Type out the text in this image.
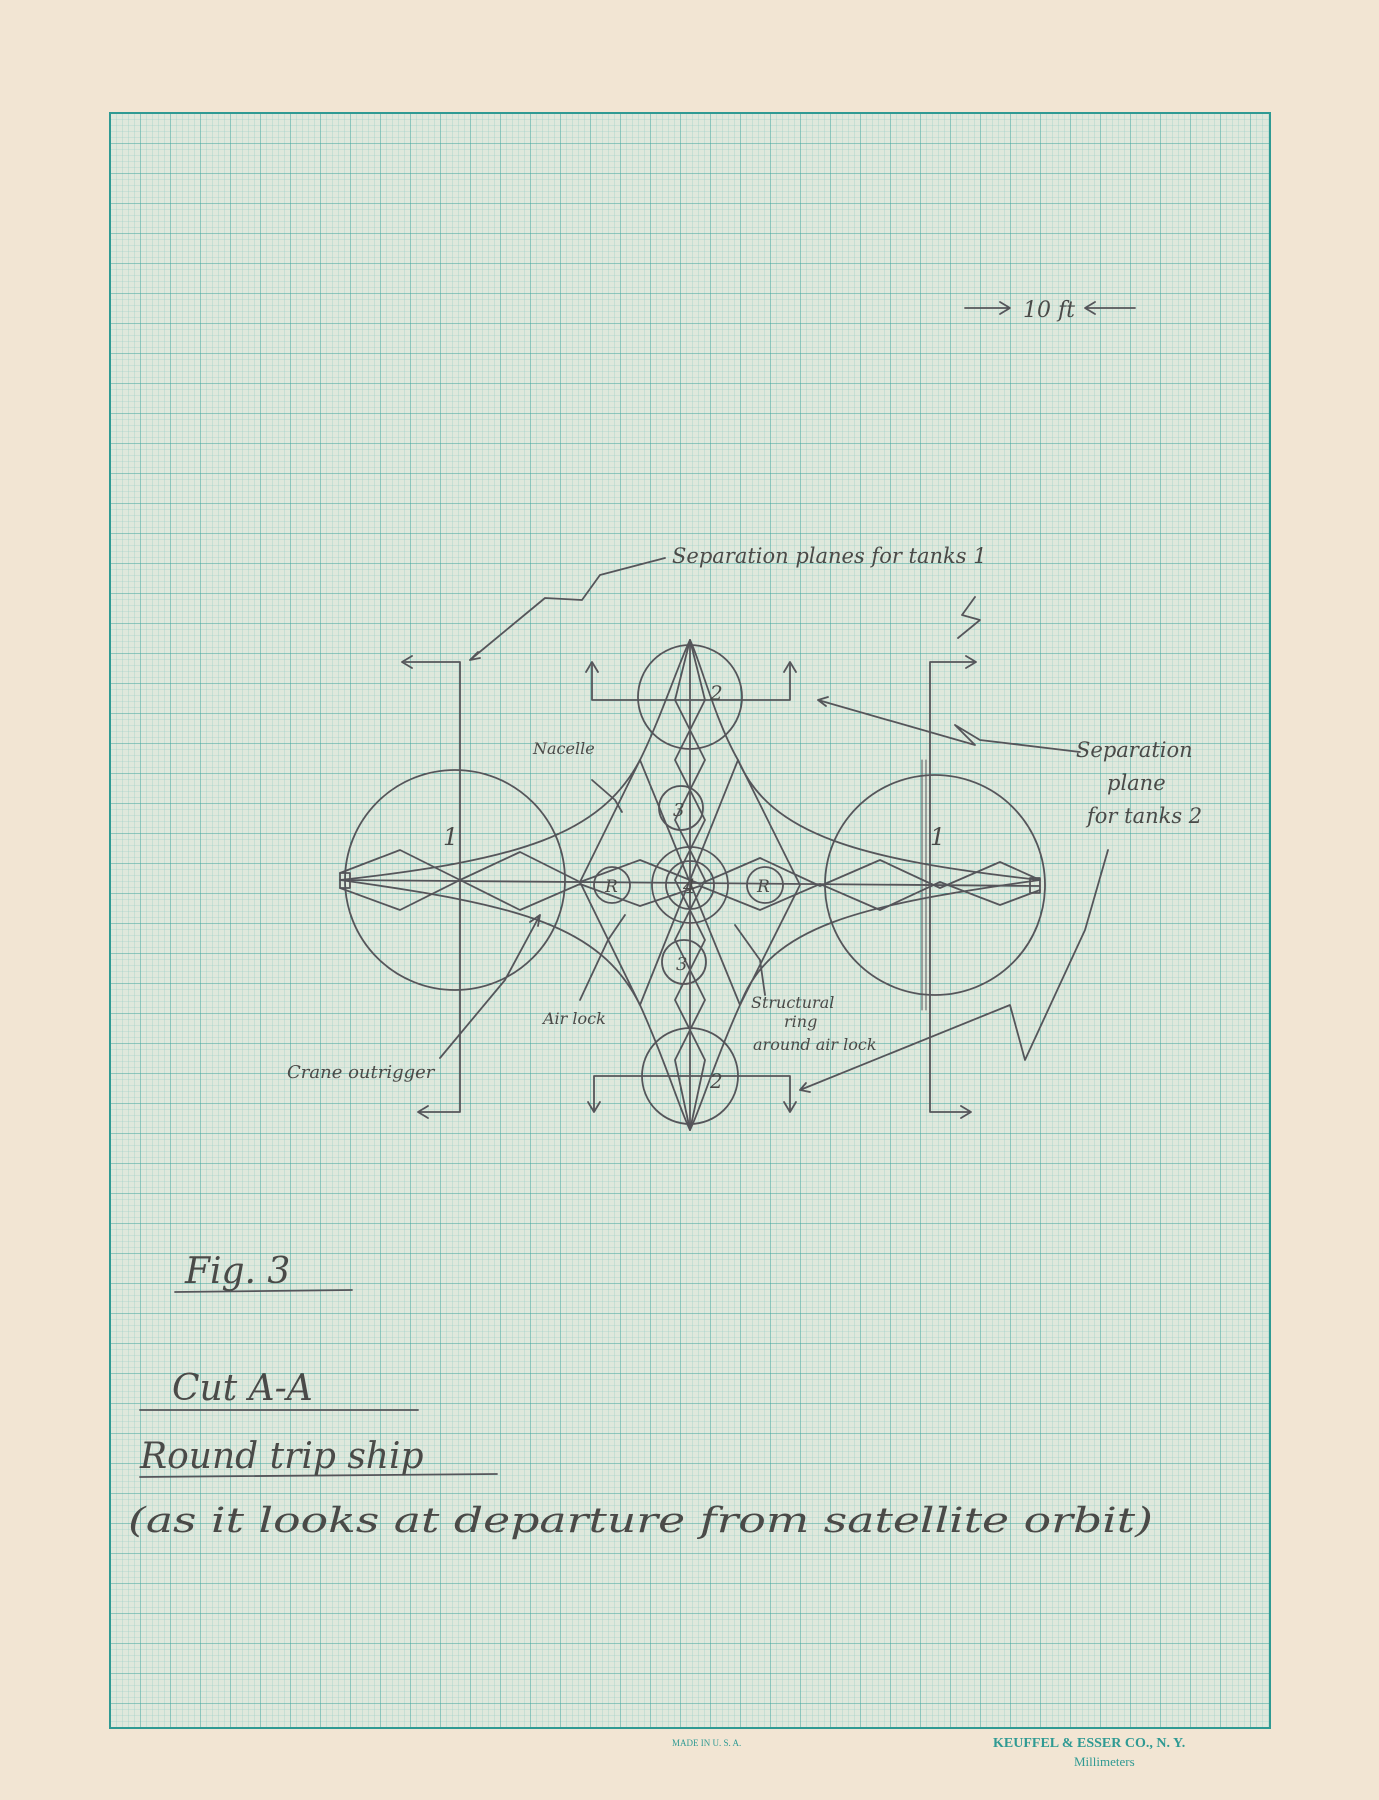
10 ft
Separation planes for tanks 1
Separation
plane
for tanks 2
Nacelle
Air lock
Structural
ring
around air lock
Crane outrigger
1	1
2
2
3
3
4
R	R
Fig. 3
Cut A-A
Round trip ship
(as it looks at departure from satellite orbit)
MADE IN U. S. A.	KEUFFEL & ESSER CO., N. Y.
Millimeters
